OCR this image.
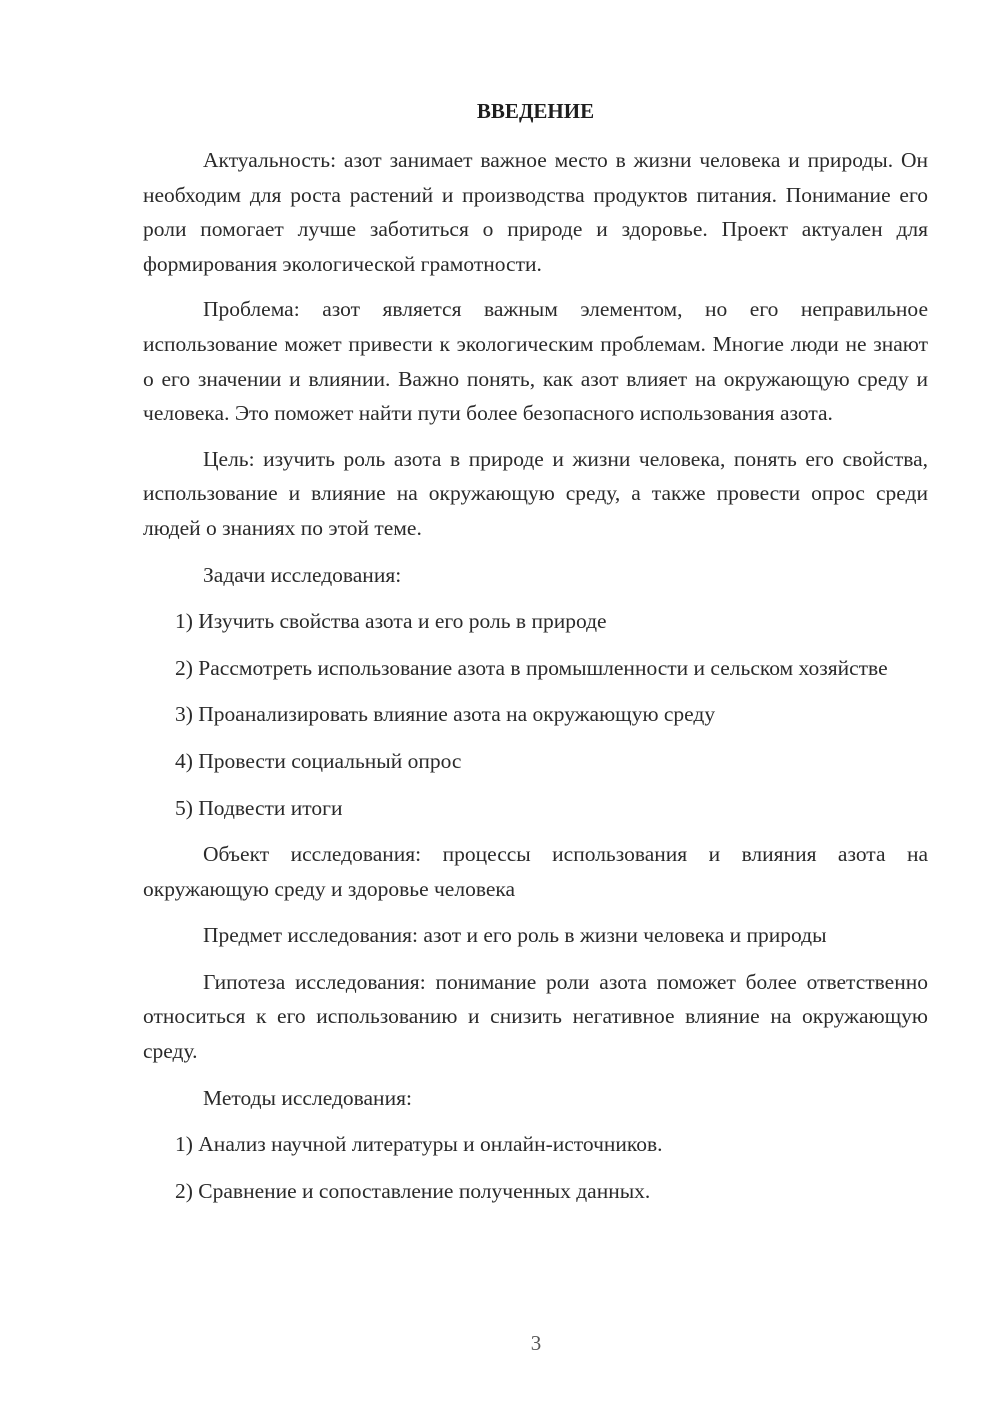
ВВЕДЕНИЕ

Актуальность: азот занимает важное место в жизни человека и природы. Он необходим для роста растений и производства продуктов питания. Понимание его роли помогает лучше заботиться о природе и здоровье. Проект актуален для формирования экологической грамотности.

Проблема: азот является важным элементом, но его неправильное использование может привести к экологическим проблемам. Многие люди не знают о его значении и влиянии. Важно понять, как азот влияет на окружающую среду и человека. Это поможет найти пути более безопасного использования азота.

Цель: изучить роль азота в природе и жизни человека, понять его свойства, использование и влияние на окружающую среду, а также провести опрос среди людей о знаниях по этой теме.

Задачи исследования:

1) Изучить свойства азота и его роль в природе

2) Рассмотреть использование азота в промышленности и сельском хозяйстве

3) Проанализировать влияние азота на окружающую среду

4) Провести социальный опрос

5) Подвести итоги

Объект исследования: процессы использования и влияния азота на окружающую среду и здоровье человека

Предмет исследования: азот и его роль в жизни человека и природы

Гипотеза исследования: понимание роли азота поможет более ответственно относиться к его использованию и снизить негативное влияние на окружающую среду.

Методы исследования:

1) Анализ научной литературы и онлайн-источников.

2) Сравнение и сопоставление полученных данных.

3
